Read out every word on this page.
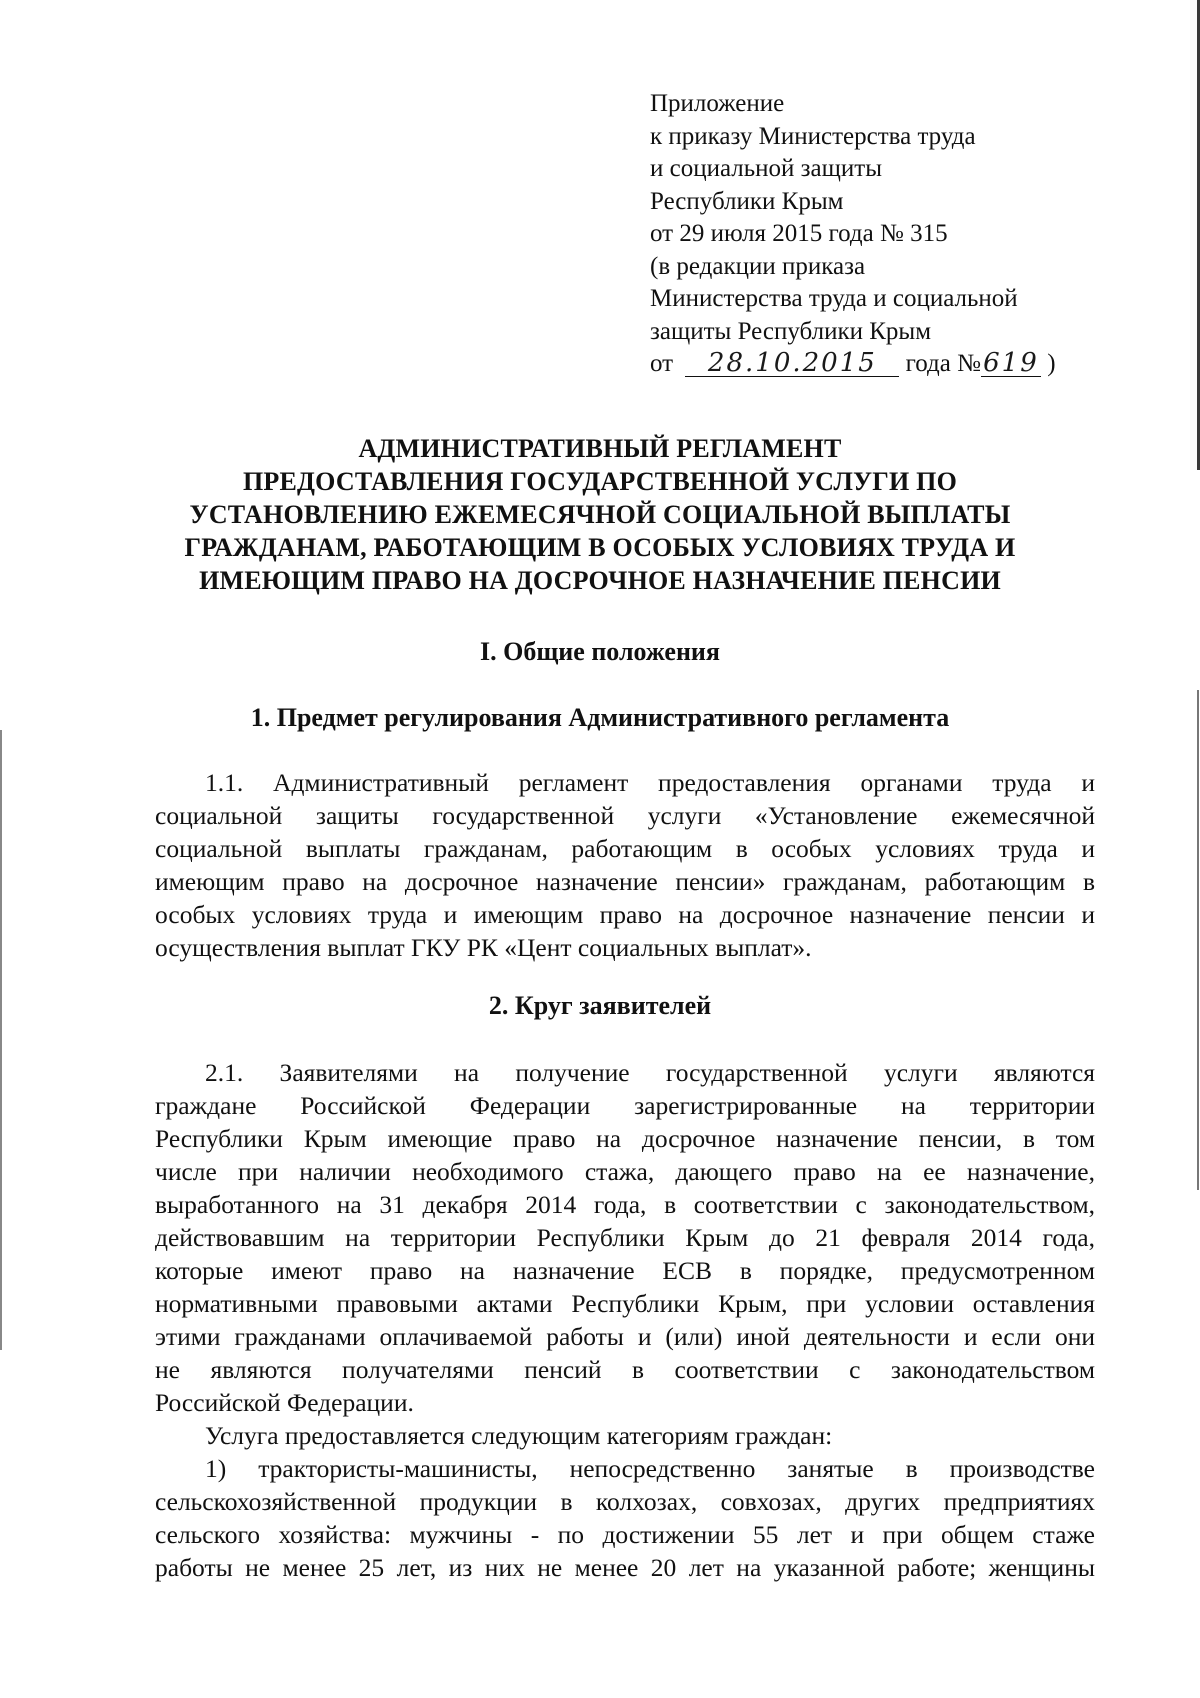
Приложение
к приказу Министерства труда
и социальной защиты
Республики Крым
от 29 июля 2015 года № 315
(в редакции приказа
Министерства труда и социальной
защиты Республики Крым
от 28.10.2015 года №619 )
АДМИНИСТРАТИВНЫЙ РЕГЛАМЕНТ
ПРЕДОСТАВЛЕНИЯ ГОСУДАРСТВЕННОЙ УСЛУГИ ПО
УСТАНОВЛЕНИЮ ЕЖЕМЕСЯЧНОЙ СОЦИАЛЬНОЙ ВЫПЛАТЫ
ГРАЖДАНАМ, РАБОТАЮЩИМ В ОСОБЫХ УСЛОВИЯХ ТРУДА И
ИМЕЮЩИМ ПРАВО НА ДОСРОЧНОЕ НАЗНАЧЕНИЕ ПЕНСИИ
I. Общие положения
1. Предмет регулирования Административного регламента
1.1. Административный регламент предоставления органами труда и
социальной защиты государственной услуги «Установление ежемесячной
социальной выплаты гражданам, работающим в особых условиях труда и
имеющим право на досрочное назначение пенсии» гражданам, работающим в
особых условиях труда и имеющим право на досрочное назначение пенсии и
осуществления выплат ГКУ РК «Цент социальных выплат».
2. Круг заявителей
2.1. Заявителями на получение государственной услуги являются
граждане Российской Федерации зарегистрированные на территории
Республики Крым имеющие право на досрочное назначение пенсии, в том
числе при наличии необходимого стажа, дающего право на ее назначение,
выработанного на 31 декабря 2014 года, в соответствии с законодательством,
действовавшим на территории Республики Крым до 21 февраля 2014 года,
которые имеют право на назначение ЕСВ в порядке, предусмотренном
нормативными правовыми актами Республики Крым, при условии оставления
этими гражданами оплачиваемой работы и (или) иной деятельности и если они
не являются получателями пенсий в соответствии с законодательством
Российской Федерации.
Услуга предоставляется следующим категориям граждан:
1) трактористы-машинисты, непосредственно занятые в производстве
сельскохозяйственной продукции в колхозах, совхозах, других предприятиях
сельского хозяйства: мужчины - по достижении 55 лет и при общем стаже
работы не менее 25 лет, из них не менее 20 лет на указанной работе; женщины
